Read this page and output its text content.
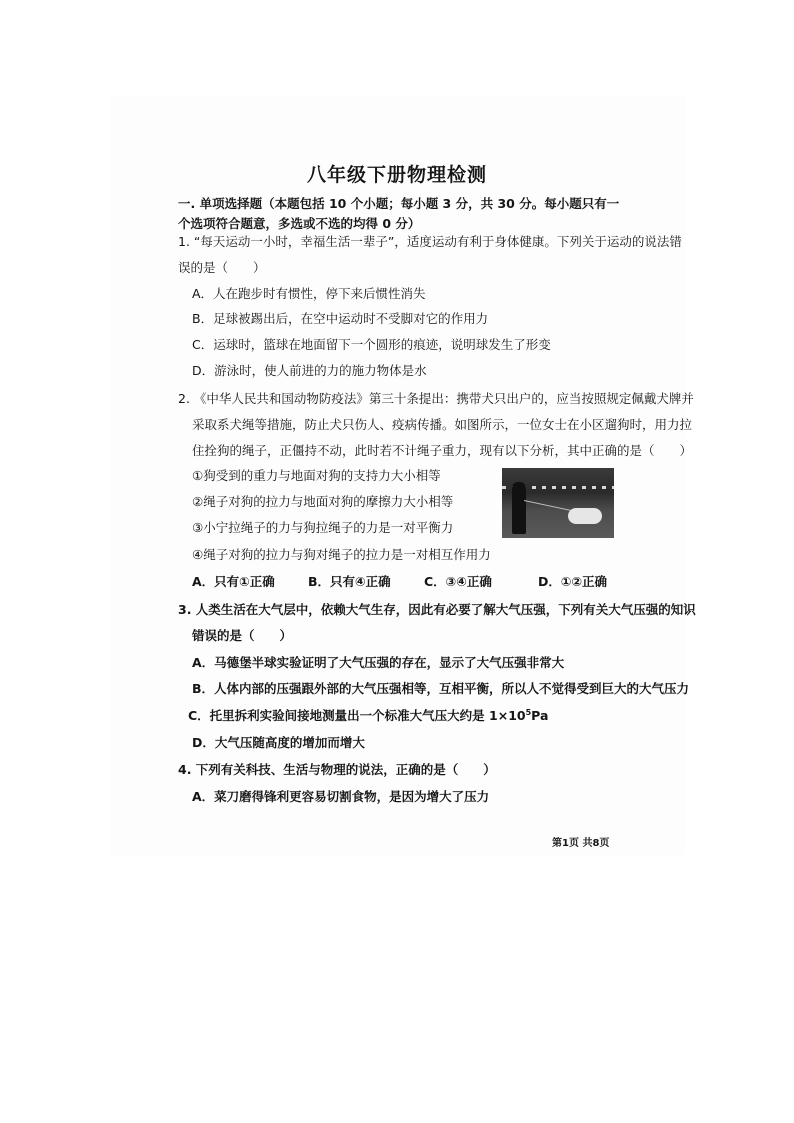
八年级下册物理检测
一. 单项选择题（本题包括 10 个小题；每小题 3 分，共 30 分。每小题只有一个选项符合题意，多选或不选的均得 0 分）
1. “每天运动一小时，幸福生活一辈子”，适度运动有利于身体健康。下列关于运动的说法错
误的是（　　）
A．人在跑步时有惯性，停下来后惯性消失
B．足球被踢出后，在空中运动时不受脚对它的作用力
C．运球时，篮球在地面留下一个圆形的痕迹，说明球发生了形变
D．游泳时，使人前进的力的施力物体是水
2. 《中华人民共和国动物防疫法》第三十条提出：携带犬只出户的，应当按照规定佩戴犬牌并
采取系犬绳等措施，防止犬只伤人、疫病传播。如图所示，一位女士在小区遛狗时，用力拉
住拴狗的绳子，正僵持不动，此时若不计绳子重力，现有以下分析，其中正确的是（　　）
①狗受到的重力与地面对狗的支持力大小相等
②绳子对狗的拉力与地面对狗的摩擦力大小相等
③小宁拉绳子的力与狗拉绳子的力是一对平衡力
④绳子对狗的拉力与狗对绳子的拉力是一对相互作用力
A．只有①正确	B．只有④正确	C．③④正确	D．①②正确
3. 人类生活在大气层中，依赖大气生存，因此有必要了解大气压强，下列有关大气压强的知识
错误的是（　　）
A．马德堡半球实验证明了大气压强的存在，显示了大气压强非常大
B．人体内部的压强跟外部的大气压强相等，互相平衡，所以人不觉得受到巨大的大气压力
C．托里拆利实验间接地测量出一个标准大气压大约是 $1\times 10^5Pa$
D．大气压随高度的增加而增大
4. 下列有关科技、生活与物理的说法，正确的是（　　）
A．菜刀磨得锋利更容易切割食物，是因为增大了压力
第1页 共8页
